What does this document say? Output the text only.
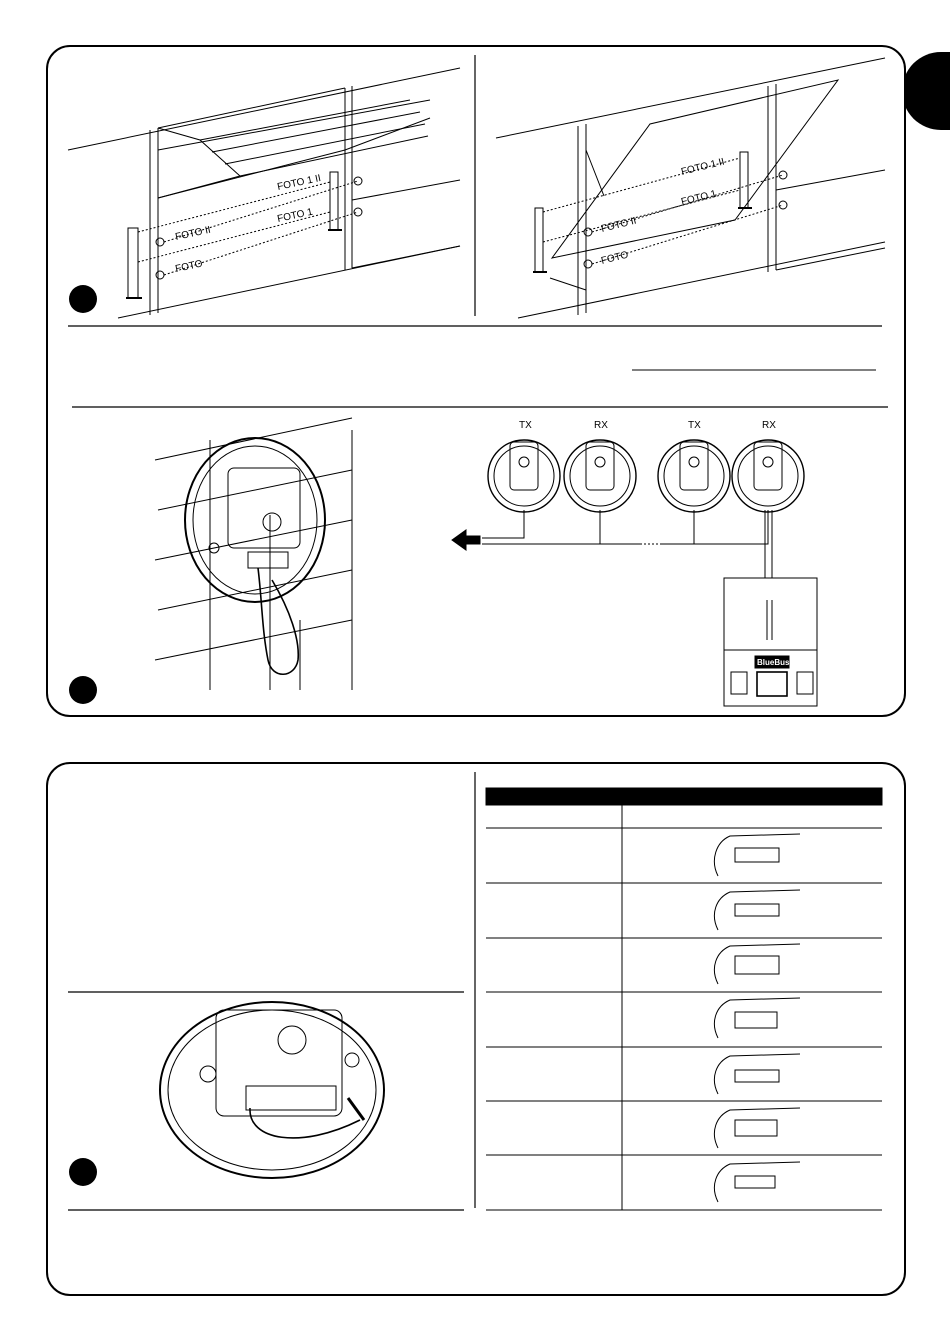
FOTO 1 II
FOTO 1
FOTO II
FOTO
FOTO 1 II
FOTO 1
FOTO II
FOTO
TX	RX	TX	RX
BlueBus
